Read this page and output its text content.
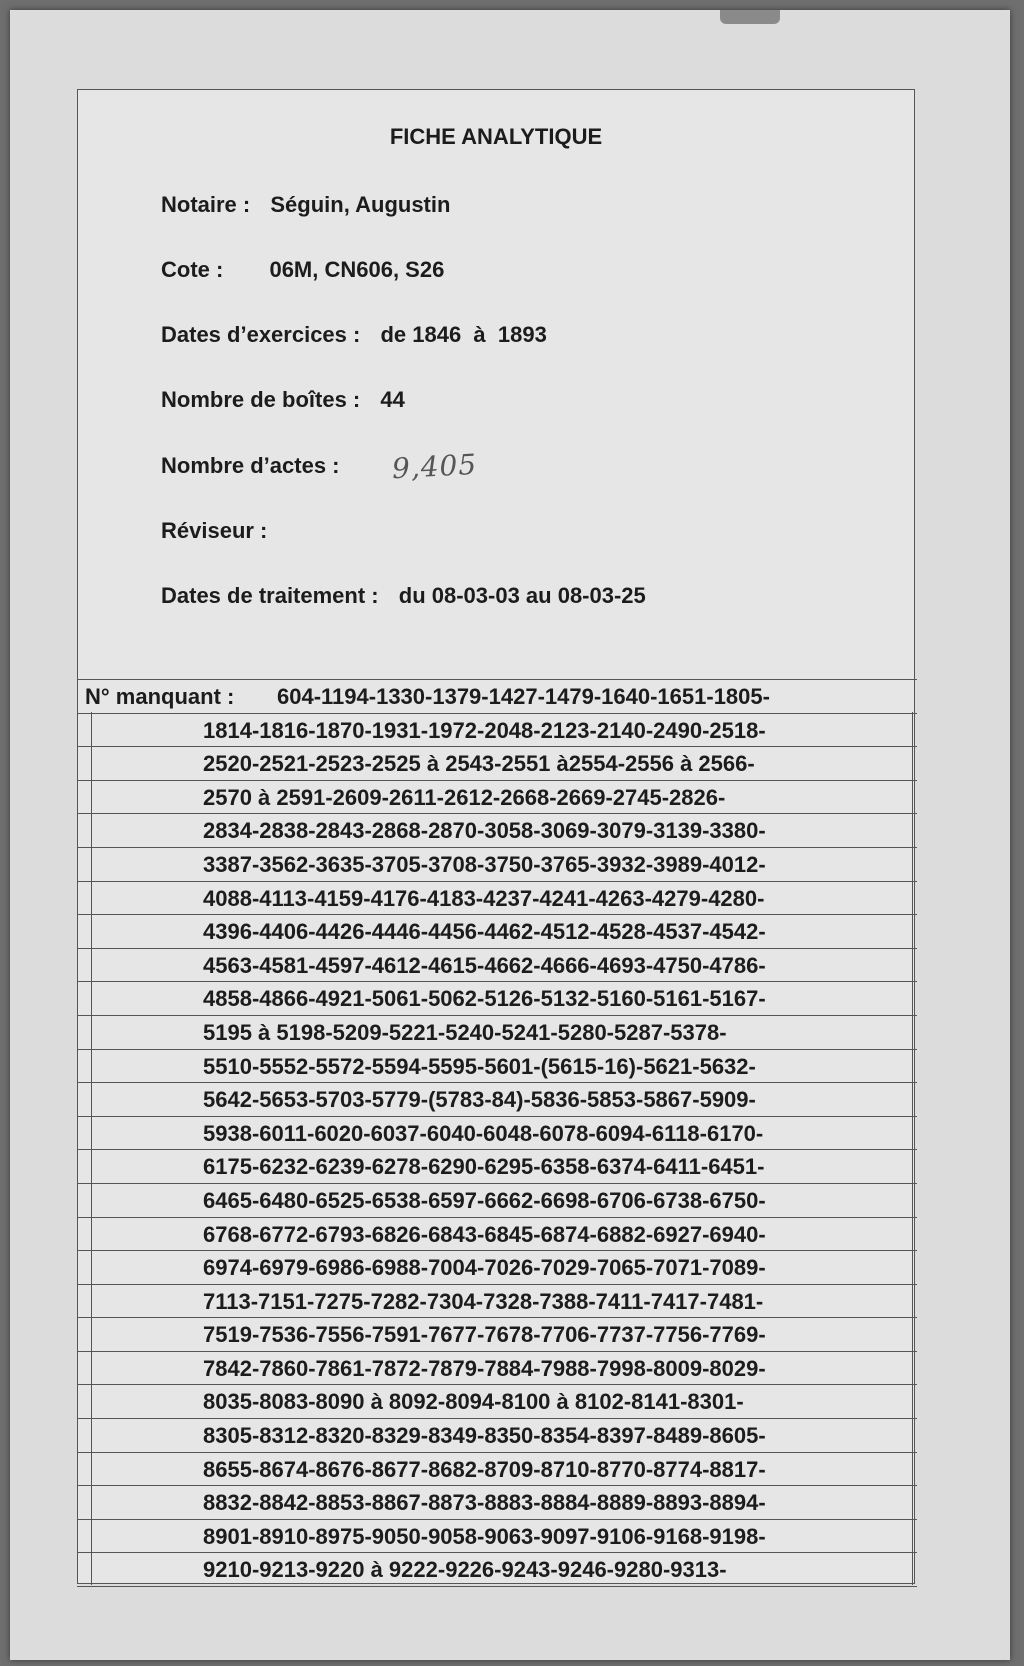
FICHE ANALYTIQUE
Notaire : Séguin, Augustin
Cote : 06M, CN606, S26
Dates d’exercices : de 1846  à  1893
Nombre de boîtes : 44
Nombre d’actes : 9,405
Réviseur :
Dates de traitement : du 08-03-03 au 08-03-25
N° manquant : 604-1194-1330-1379-1427-1479-1640-1651-1805-
1814-1816-1870-1931-1972-2048-2123-2140-2490-2518-
2520-2521-2523-2525 à 2543-2551 à2554-2556 à 2566-
2570 à 2591-2609-2611-2612-2668-2669-2745-2826-
2834-2838-2843-2868-2870-3058-3069-3079-3139-3380-
3387-3562-3635-3705-3708-3750-3765-3932-3989-4012-
4088-4113-4159-4176-4183-4237-4241-4263-4279-4280-
4396-4406-4426-4446-4456-4462-4512-4528-4537-4542-
4563-4581-4597-4612-4615-4662-4666-4693-4750-4786-
4858-4866-4921-5061-5062-5126-5132-5160-5161-5167-
5195 à 5198-5209-5221-5240-5241-5280-5287-5378-
5510-5552-5572-5594-5595-5601-(5615-16)-5621-5632-
5642-5653-5703-5779-(5783-84)-5836-5853-5867-5909-
5938-6011-6020-6037-6040-6048-6078-6094-6118-6170-
6175-6232-6239-6278-6290-6295-6358-6374-6411-6451-
6465-6480-6525-6538-6597-6662-6698-6706-6738-6750-
6768-6772-6793-6826-6843-6845-6874-6882-6927-6940-
6974-6979-6986-6988-7004-7026-7029-7065-7071-7089-
7113-7151-7275-7282-7304-7328-7388-7411-7417-7481-
7519-7536-7556-7591-7677-7678-7706-7737-7756-7769-
7842-7860-7861-7872-7879-7884-7988-7998-8009-8029-
8035-8083-8090 à 8092-8094-8100 à 8102-8141-8301-
8305-8312-8320-8329-8349-8350-8354-8397-8489-8605-
8655-8674-8676-8677-8682-8709-8710-8770-8774-8817-
8832-8842-8853-8867-8873-8883-8884-8889-8893-8894-
8901-8910-8975-9050-9058-9063-9097-9106-9168-9198-
9210-9213-9220 à 9222-9226-9243-9246-9280-9313-
